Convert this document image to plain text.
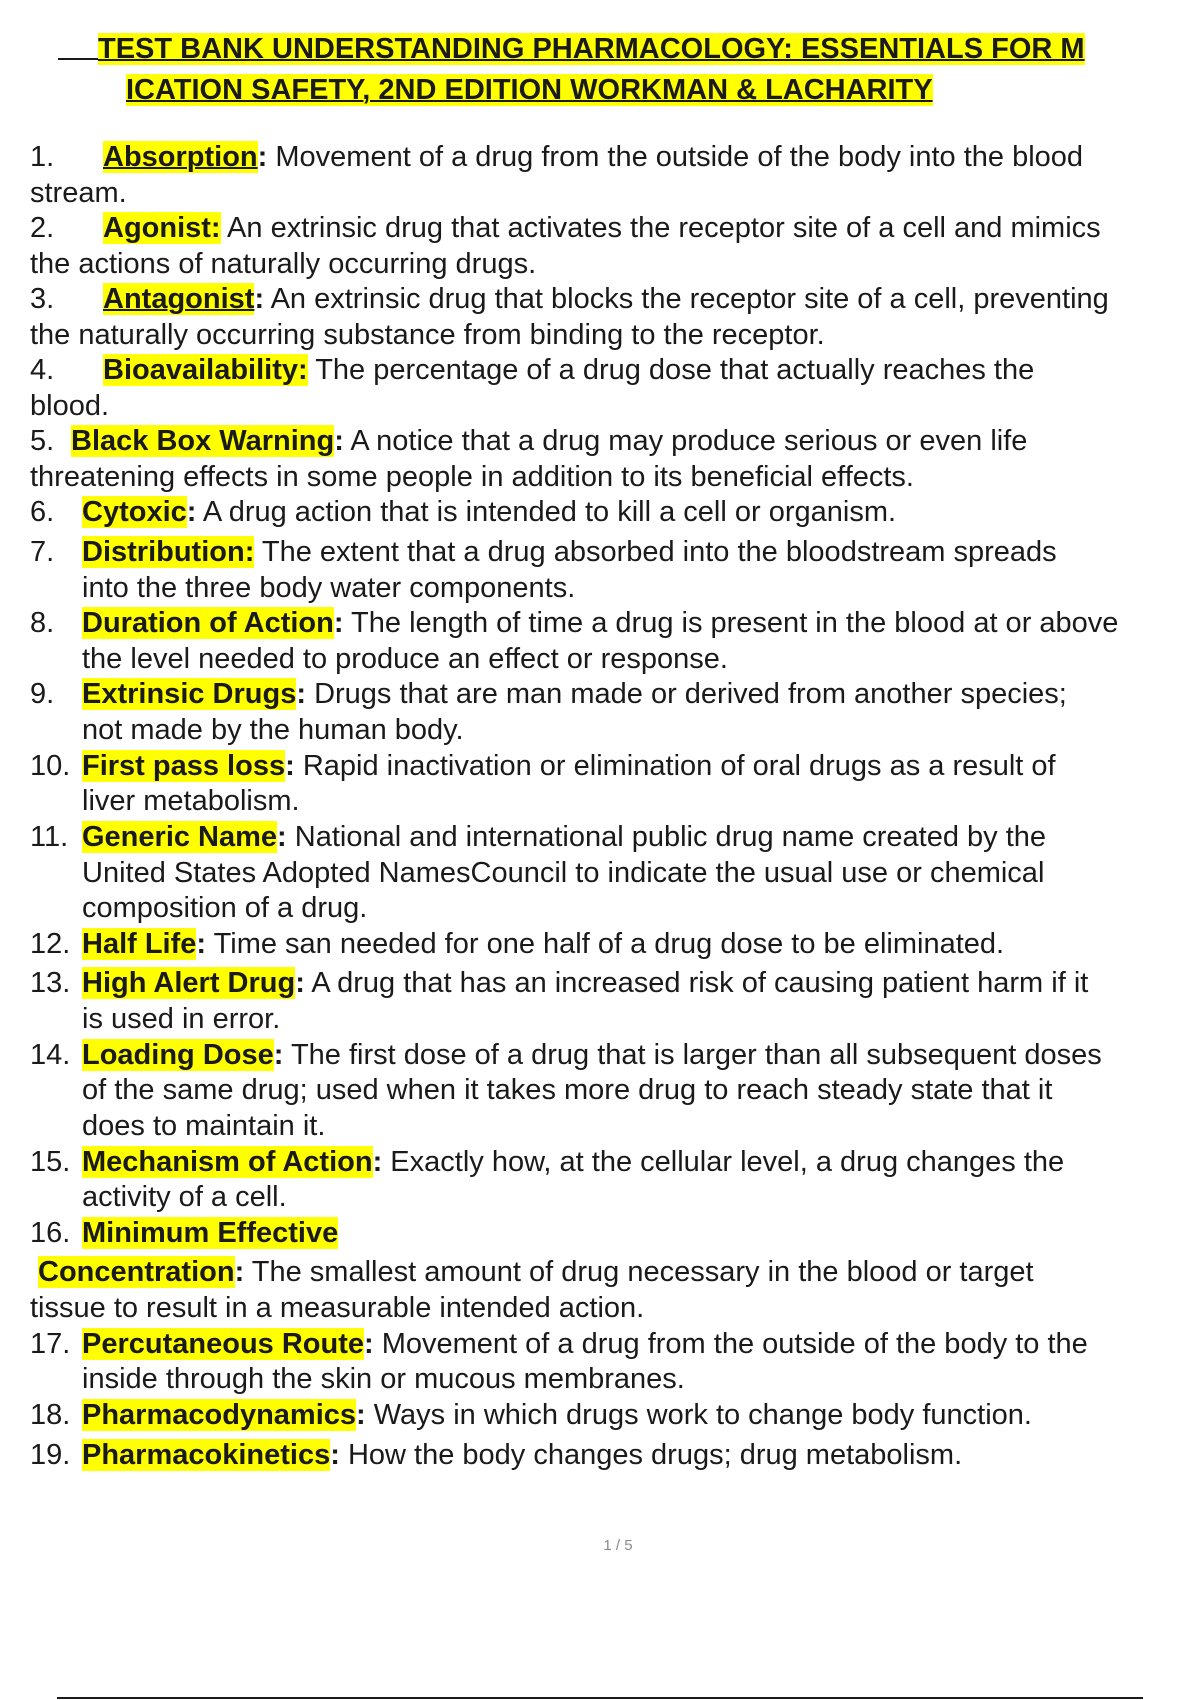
TEST BANK UNDERSTANDING PHARMACOLOGY: ESSENTIALS FOR M
ICATION SAFETY, 2ND EDITION WORKMAN & LACHARITY
1. Absorption: Movement of a drug from the outside of the body into the blood
stream.
2. Agonist: An extrinsic drug that activates the receptor site of a cell and mimics
the actions of naturally occurring drugs.
3. Antagonist: An extrinsic drug that blocks the receptor site of a cell, preventing
the naturally occurring substance from binding to the receptor.
4. Bioavailability: The percentage of a drug dose that actually reaches the
blood.
5. Black Box Warning: A notice that a drug may produce serious or even life
threatening effects in some people in addition to its beneficial effects.
6. Cytoxic: A drug action that is intended to kill a cell or organism.
7. Distribution: The extent that a drug absorbed into the bloodstream spreads
into the three body water components.
8. Duration of Action: The length of time a drug is present in the blood at or above
the level needed to produce an effect or response.
9. Extrinsic Drugs: Drugs that are man made or derived from another species;
not made by the human body.
10. First pass loss: Rapid inactivation or elimination of oral drugs as a result of
liver metabolism.
11. Generic Name: National and international public drug name created by the
United States Adopted NamesCouncil to indicate the usual use or chemical
composition of a drug.
12. Half Life: Time san needed for one half of a drug dose to be eliminated.
13. High Alert Drug: A drug that has an increased risk of causing patient harm if it
is used in error.
14. Loading Dose: The first dose of a drug that is larger than all subsequent doses
of the same drug; used when it takes more drug to reach steady state that it
does to maintain it.
15. Mechanism of Action: Exactly how, at the cellular level, a drug changes the
activity of a cell.
16. Minimum Effective
Concentration: The smallest amount of drug necessary in the blood or target
tissue to result in a measurable intended action.
17. Percutaneous Route: Movement of a drug from the outside of the body to the
inside through the skin or mucous membranes.
18. Pharmacodynamics: Ways in which drugs work to change body function.
19. Pharmacokinetics: How the body changes drugs; drug metabolism.
1 / 5
